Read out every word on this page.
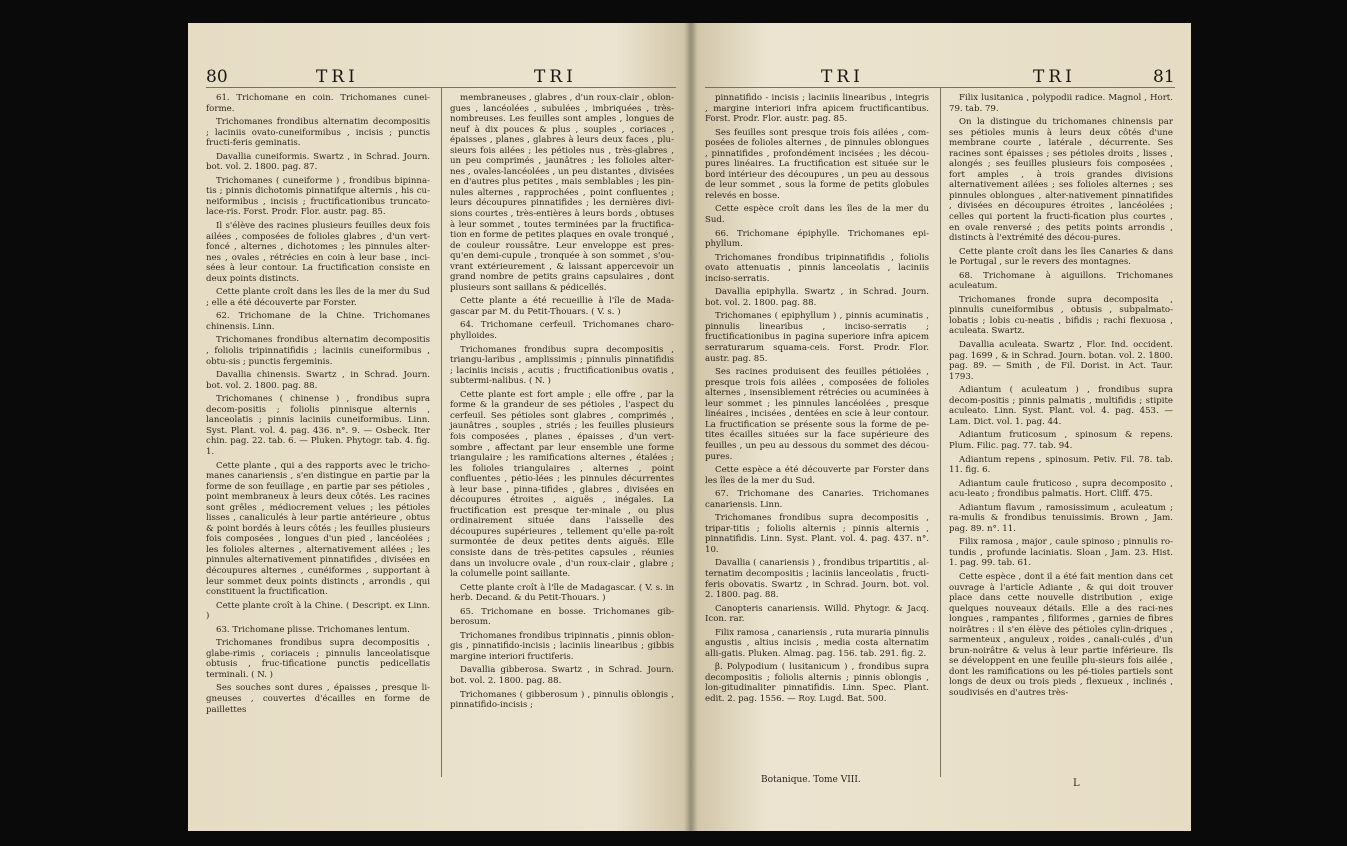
80	TRI	TRI

61. Trichomane en coin. Trichomanes cunei-forme.

Trichomanes frondibus alternatim decompositis ; laciniis ovato-cuneiformibus , incisis ; punctis fructi-feris geminatis.

Davallia cuneiformis. Swartz , in Schrad. Journ. bot. vol. 2. 1800. pag. 87.

Trichomanes ( cuneiforme ) , frondibus bipinna-tis ; pinnis dichotomis pinnatifque alternis , his cu-neiformibus , incisis ; fructificationibus truncato-lace-ris. Forst. Prodr. Flor. austr. pag. 85.

Il s'élève des racines plusieurs feuilles deux fois ailées , composées de folioles glabres , d'un vert-foncé , alternes , dichotomes ; les pinnules alter-nes , ovales , rétrécies en coin à leur base , inci-sées à leur contour. La fructification consiste en deux points distincts.

Cette plante croît dans les îles de la mer du Sud ; elle a été découverte par Forster.

62. Trichomane de la Chine. Trichomanes chinensis. Linn.

Trichomanes frondibus alternatim decompositis , foliolis tripinnatifidis ; laciniis cuneiformibus , obtu-sis ; punctis fergeminis.

Davallia chinensis. Swartz , in Schrad. Journ. bot. vol. 2. 1800. pag. 88.

Trichomanes ( chinense ) , frondibus supra decom-positis ; foliolis pinnisque alternis , lanceolatis ; pinnis laciniis cuneiformibus. Linn. Syst. Plant. vol. 4. pag. 436. n°. 9. — Osbeck. Iter chin. pag. 22. tab. 6. — Pluken. Phytogr. tab. 4. fig. 1.

Cette plante , qui a des rapports avec le tricho-manes canariensis , s'en distingue en partie par la forme de son feuillage , en partie par ses pétioles , point membraneux à leurs deux côtés. Les racines sont grêles , médiocrement velues ; les pétioles lisses , canaliculés à leur partie antérieure , obtus & point bordés à leurs côtés ; les feuilles plusieurs fois composées , longues d'un pied , lancéolées ; les folioles alternes , alternativement ailées ; les pinnules alternativement pinnatifides , divisées en découpures alternes , cunéiformes , supportant à leur sommet deux points distincts , arrondis , qui constituent la fructification.

Cette plante croît à la Chine. ( Descript. ex Linn. )

63. Trichomane plisse. Trichomanes lentum.

Trichomanes frondibus supra decompositis , glabe-rimis , coriaceis ; pinnulis lanceolatisque obtusis , fruc-tificatione punctis pedicellatis terminali. ( N. )

Ses souches sont dures , épaisses , presque li-gneuses , couvertes d'écailles en forme de paillettes

membraneuses , glabres , d'un roux-clair , oblon-gues , lancéolées , subulées , imbriquées , très-nombreuses. Les feuilles sont amples , longues de neuf à dix pouces & plus , souples , coriaces , épaisses , planes , glabres à leurs deux faces , plu-sieurs fois ailées ; les pétioles nus , très-glabres , un peu comprimés , jaunâtres ; les folioles alter-nes , ovales-lancéolées , un peu distantes , divisées en d'autres plus petites , mais semblables ; les pin-nules alternes , rapprochées , point confluentes ; leurs découpures pinnatifides ; les dernières divi-sions courtes , très-entières à leurs bords , obtuses à leur sommet , toutes terminées par la fructifica-tion en forme de petites plaques en ovale tronqué , de couleur roussâtre. Leur enveloppe est pres-qu'en demi-cupule , tronquée à son sommet , s'ou-vrant extérieurement , & laissant appercevoir un grand nombre de petits grains capsulaires , dont plusieurs sont saillans & pédicellés.

Cette plante a été recueillie à l'île de Mada-gascar par M. du Petit-Thouars. ( V. s. )

64. Trichomane cerfeuil. Trichomanes charo-phylloides.

Trichomanes frondibus supra decompositis , triangu-laribus , amplissimis ; pinnulis pinnatifidis ; laciniis incisis , acutis ; fructificationibus ovatis , subtermi-nalibus. ( N. )

Cette plante est fort ample ; elle offre , par la forme & la grandeur de ses pétioles , l'aspect du cerfeuil. Ses pétioles sont glabres , comprimés , jaunâtres , souples , striés ; les feuilles plusieurs fois composées , planes , épaisses , d'un vert-sombre , affectant par leur ensemble une forme triangulaire ; les ramifications alternes , étalées ; les folioles triangulaires , alternes , point confluentes , pétio-lées ; les pinnules décurrentes à leur base , pinna-tifides , glabres , divisées en découpures étroites , aiguës , inégales. La fructification est presque ter-minale , ou plus ordinairement située dans l'aisselle des découpures supérieures , tellement qu'elle pa-roît surmontée de deux petites dents aiguës. Elle consiste dans de très-petites capsules , réunies dans un involucre ovale , d'un roux-clair , glabre ; la columelle point saillante.

Cette plante croît à l'île de Madagascar. ( V. s. in herb. Decand. & du Petit-Thouars. )

65. Trichomane en bosse. Trichomanes gib-berosum.

Trichomanes frondibus tripinnatis , pinnis oblon-gis , pinnatifido-incisis ; laciniis linearibus ; gibbis margine interiori fructiferis.

Davallia gibberosa. Swartz , in Schrad. Journ. bot. vol. 2. 1800. pag. 88.

Trichomanes ( gibberosum ) , pinnulis oblongis , pinnatifido-incisis ;

TRI	TRI	81

pinnatifido - incisis ; laciniis linearibus , integris , margine interiori infra apicem fructificantibus. Forst. Prodr. Flor. austr. pag. 85.

Ses feuilles sont presque trois fois ailées , com-posées de folioles alternes , de pinnules oblongues , pinnatifides , profondément incisées ; les décou-pures linéaires. La fructification est située sur le bord intérieur des découpures , un peu au dessous de leur sommet , sous la forme de petits globules relevés en bosse.

Cette espèce croît dans les îles de la mer du Sud.

66. Trichomane épiphylle. Trichomanes epi-phyllum.

Trichomanes frondibus tripinnatifidis , foliolis ovato attenuatis , pinnis lanceolatis , laciniis inciso-serratis.

Davallia epiphylla. Swartz , in Schrad. Journ. bot. vol. 2. 1800. pag. 88.

Trichomanes ( epiphyllum ) , pinnis acuminatis , pinnulis linearibus , inciso-serratis ; fructificationibus in pagina superiore infra apicem serraturarum squama-ceis. Forst. Prodr. Flor. austr. pag. 85.

Ses racines produisent des feuilles pétiolées , presque trois fois ailées , composées de folioles alternes , insensiblement rétrécies ou acuminées à leur sommet ; les pinnules lancéolées , presque linéaires , incisées , dentées en scie à leur contour. La fructification se présente sous la forme de pe-tites écailles situées sur la face supérieure des feuilles , un peu au dessous du sommet des décou-pures.

Cette espèce a été découverte par Forster dans les îles de la mer du Sud.

67. Trichomane des Canaries. Trichomanes canariensis. Linn.

Trichomanes frondibus supra decompositis , tripar-titis ; foliolis alternis ; pinnis alternis , pinnatifidis. Linn. Syst. Plant. vol. 4. pag. 437. n°. 10.

Davallia ( canariensis ) , frondibus tripartitis , al-ternatim decompositis ; laciniis lanceolatis , fructi-feris obovatis. Swartz , in Schrad. Journ. bot. vol. 2. 1800. pag. 88.

Canopteris canariensis. Willd. Phytogr. & Jacq. Icon. rar.

Filix ramosa , canariensis , ruta muraria pinnulis angustis , altius incisis , media costa alternatim alli-gatis. Pluken. Almag. pag. 156. tab. 291. fig. 2.

β. Polypodium ( lusitanicum ) , frondibus supra decompositis ; foliolis alternis ; pinnis oblongis , lon-gitudinaliter pinnatifidis. Linn. Spec. Plant. edit. 2. pag. 1556. — Roy. Lugd. Bat. 500.

Botanique. Tome VIII.

Filix lusitanica , polypodii radice. Magnol , Hort. 79. tab. 79.

On la distingue du trichomanes chinensis par ses pétioles munis à leurs deux côtés d'une membrane courte , latérale , décurrente. Ses racines sont épaisses ; ses pétioles droits , lisses , alongés ; ses feuilles plusieurs fois composées , fort amples , à trois grandes divisions alternativement ailées ; ses folioles alternes ; ses pinnules oblongues , alter-nativement pinnatifides , divisées en découpures étroites , lancéolées ; celles qui portent la fructi-fication plus courtes , en ovale renversé ; des petits points arrondis , distincts à l'extrémité des décou-pures.

Cette plante croît dans les îles Canaries & dans le Portugal , sur le revers des montagnes.

68. Trichomane à aiguillons. Trichomanes aculeatum.

Trichomanes fronde supra decomposita , pinnulis cuneiformibus , obtusis , subpalmato-lobatis ; lobis cu-neatis , bifidis ; rachi flexuosa , aculeata. Swartz.

Davallia aculeata. Swartz , Flor. Ind. occident. pag. 1699 , & in Schrad. Journ. botan. vol. 2. 1800. pag. 89. — Smith , de Fil. Dorist. in Act. Taur. 1793.

Adiantum ( aculeatum ) , frondibus supra decom-positis ; pinnis palmatis , multifidis ; stipite aculeato. Linn. Syst. Plant. vol. 4. pag. 453. — Lam. Dict. vol. 1. pag. 44.

Adiantum fruticosum , spinosum & repens. Plum. Filic. pag. 77. tab. 94.

Adiantum repens , spinosum. Petiv. Fil. 78. tab. 11. fig. 6.

Adiantum caule fruticoso , supra decomposito , acu-leato ; frondibus palmatis. Hort. Cliff. 475.

Adiantum flavum , ramosissimum , aculeatum ; ra-mulis & frondibus tenuissimis. Brown , Jam. pag. 89. n°. 11.

Filix ramosa , major , caule spinoso ; pinnulis ro-tundis , profunde laciniatis. Sloan , Jam. 23. Hist. 1. pag. 99. tab. 61.

Cette espèce , dont il a été fait mention dans cet ouvrage à l'article Adiante , & qui doit trouver place dans cette nouvelle distribution , exige quelques nouveaux détails. Elle a des raci-nes longues , rampantes , filiformes , garnies de fibres noirâtres : il s'en élève des pétioles cylin-driques , sarmenteux , anguleux , roides , canali-culés , d'un brun-noirâtre & velus à leur partie inférieure. Ils se développent en une feuille plu-sieurs fois ailée , dont les ramifications ou les pé-tioles partiels sont longs de deux ou trois pieds , flexueux , inclinés , soudivisés en d'autres très-

L
